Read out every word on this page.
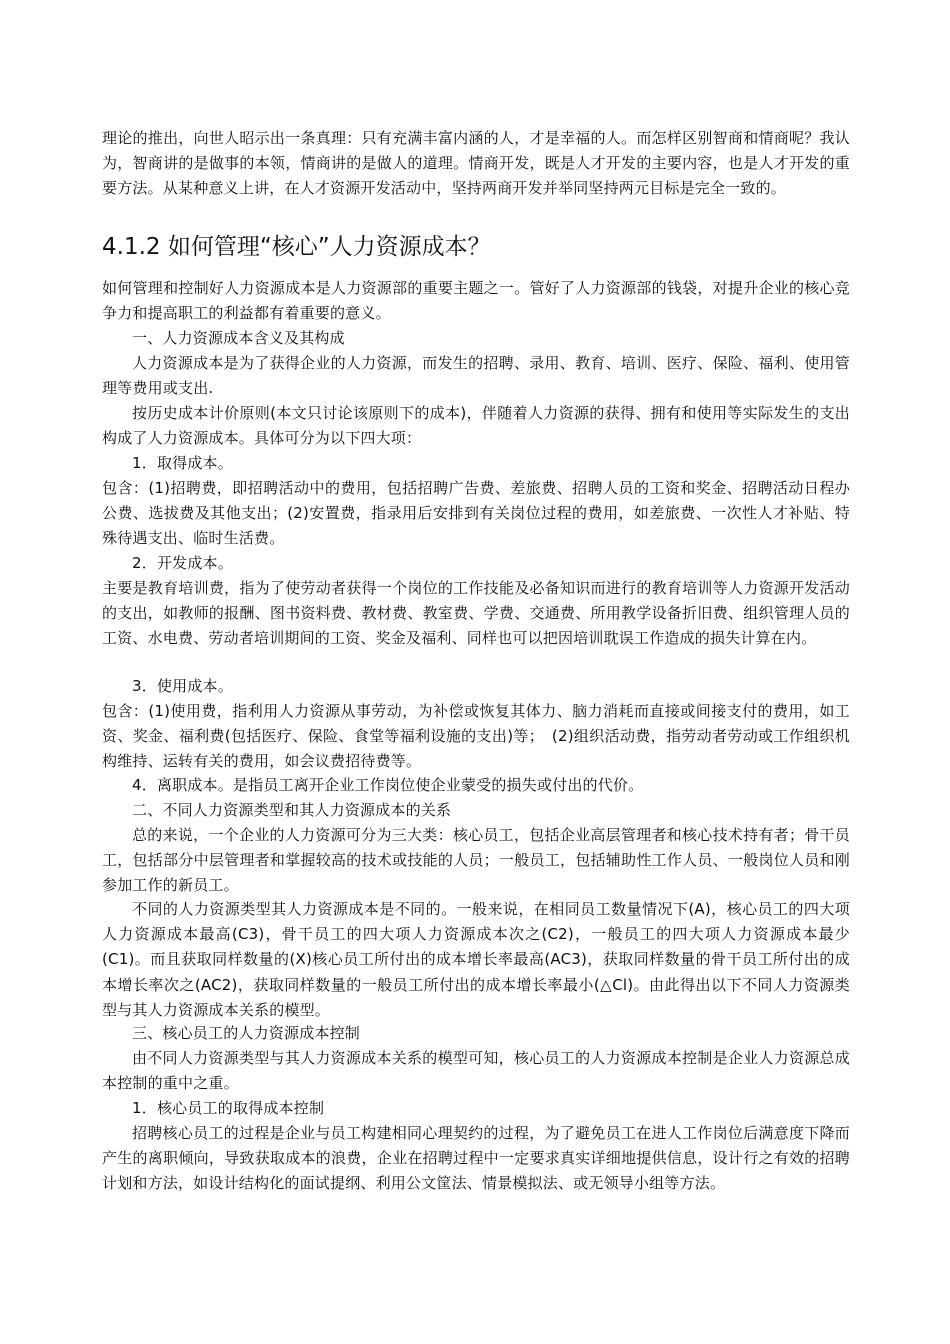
理论的推出，向世人昭示出一条真理：只有充满丰富内涵的人，才是幸福的人。而怎样区别智商和情商呢？我认为，智商讲的是做事的本领，情商讲的是做人的道理。情商开发，既是人才开发的主要内容，也是人才开发的重要方法。从某种意义上讲，在人才资源开发活动中，坚持两商开发并举同坚持两元目标是完全一致的。

4.1.2 如何管理“核心”人力资源成本？

如何管理和控制好人力资源成本是人力资源部的重要主题之一。管好了人力资源部的钱袋，对提升企业的核心竞争力和提高职工的利益都有着重要的意义。

一、人力资源成本含义及其构成

人力资源成本是为了获得企业的人力资源，而发生的招聘、录用、教育、培训、医疗、保险、福利、使用管理等费用或支出.

按历史成本计价原则(本文只讨论该原则下的成本)，伴随着人力资源的获得、拥有和使用等实际发生的支出构成了人力资源成本。具体可分为以下四大项：

1．取得成本。

包含：(1)招聘费，即招聘活动中的费用，包括招聘广告费、差旅费、招聘人员的工资和奖金、招聘活动日程办公费、选拔费及其他支出；(2)安置费，指录用后安排到有关岗位过程的费用，如差旅费、一次性人才补贴、特殊待遇支出、临时生活费。

2．开发成本。

主要是教育培训费，指为了使劳动者获得一个岗位的工作技能及必备知识而进行的教育培训等人力资源开发活动的支出，如教师的报酬、图书资料费、教材费、教室费、学费、交通费、所用教学设备折旧费、组织管理人员的工资、水电费、劳动者培训期间的工资、奖金及福利、同样也可以把因培训耽误工作造成的损失计算在内。

3．使用成本。

包含：(1)使用费，指利用人力资源从事劳动，为补偿或恢复其体力、脑力消耗而直接或间接支付的费用，如工资、奖金、福利费(包括医疗、保险、食堂等福利设施的支出)等；　(2)组织活动费，指劳动者劳动或工作组织机构维持、运转有关的费用，如会议费招待费等。

4．离职成本。是指员工离开企业工作岗位使企业蒙受的损失或付出的代价。

二、不同人力资源类型和其人力资源成本的关系

总的来说，一个企业的人力资源可分为三大类：核心员工，包括企业高层管理者和核心技术持有者；骨干员工，包括部分中层管理者和掌握较高的技术或技能的人员；一般员工，包括辅助性工作人员、一般岗位人员和刚参加工作的新员工。

不同的人力资源类型其人力资源成本是不同的。一般来说，在相同员工数量情况下(A)，核心员工的四大项人力资源成本最高(C3)，骨干员工的四大项人力资源成本次之(C2)，一般员工的四大项人力资源成本最少 (C1)。而且获取同样数量的(X)核心员工所付出的成本增长率最高(AC3)，获取同样数量的骨干员工所付出的成本增长率次之(AC2)，获取同样数量的一般员工所付出的成本增长率最小(△Cl)。由此得出以下不同人力资源类型与其人力资源成本关系的模型。

三、核心员工的人力资源成本控制

由不同人力资源类型与其人力资源成本关系的模型可知，核心员工的人力资源成本控制是企业人力资源总成本控制的重中之重。

1．核心员工的取得成本控制

招聘核心员工的过程是企业与员工构建相同心理契约的过程，为了避免员工在进人工作岗位后满意度下降而产生的离职倾向，导致获取成本的浪费，企业在招聘过程中一定要求真实详细地提供信息，设计行之有效的招聘计划和方法，如设计结构化的面试提纲、利用公文筐法、情景模拟法、或无领导小组等方法。
